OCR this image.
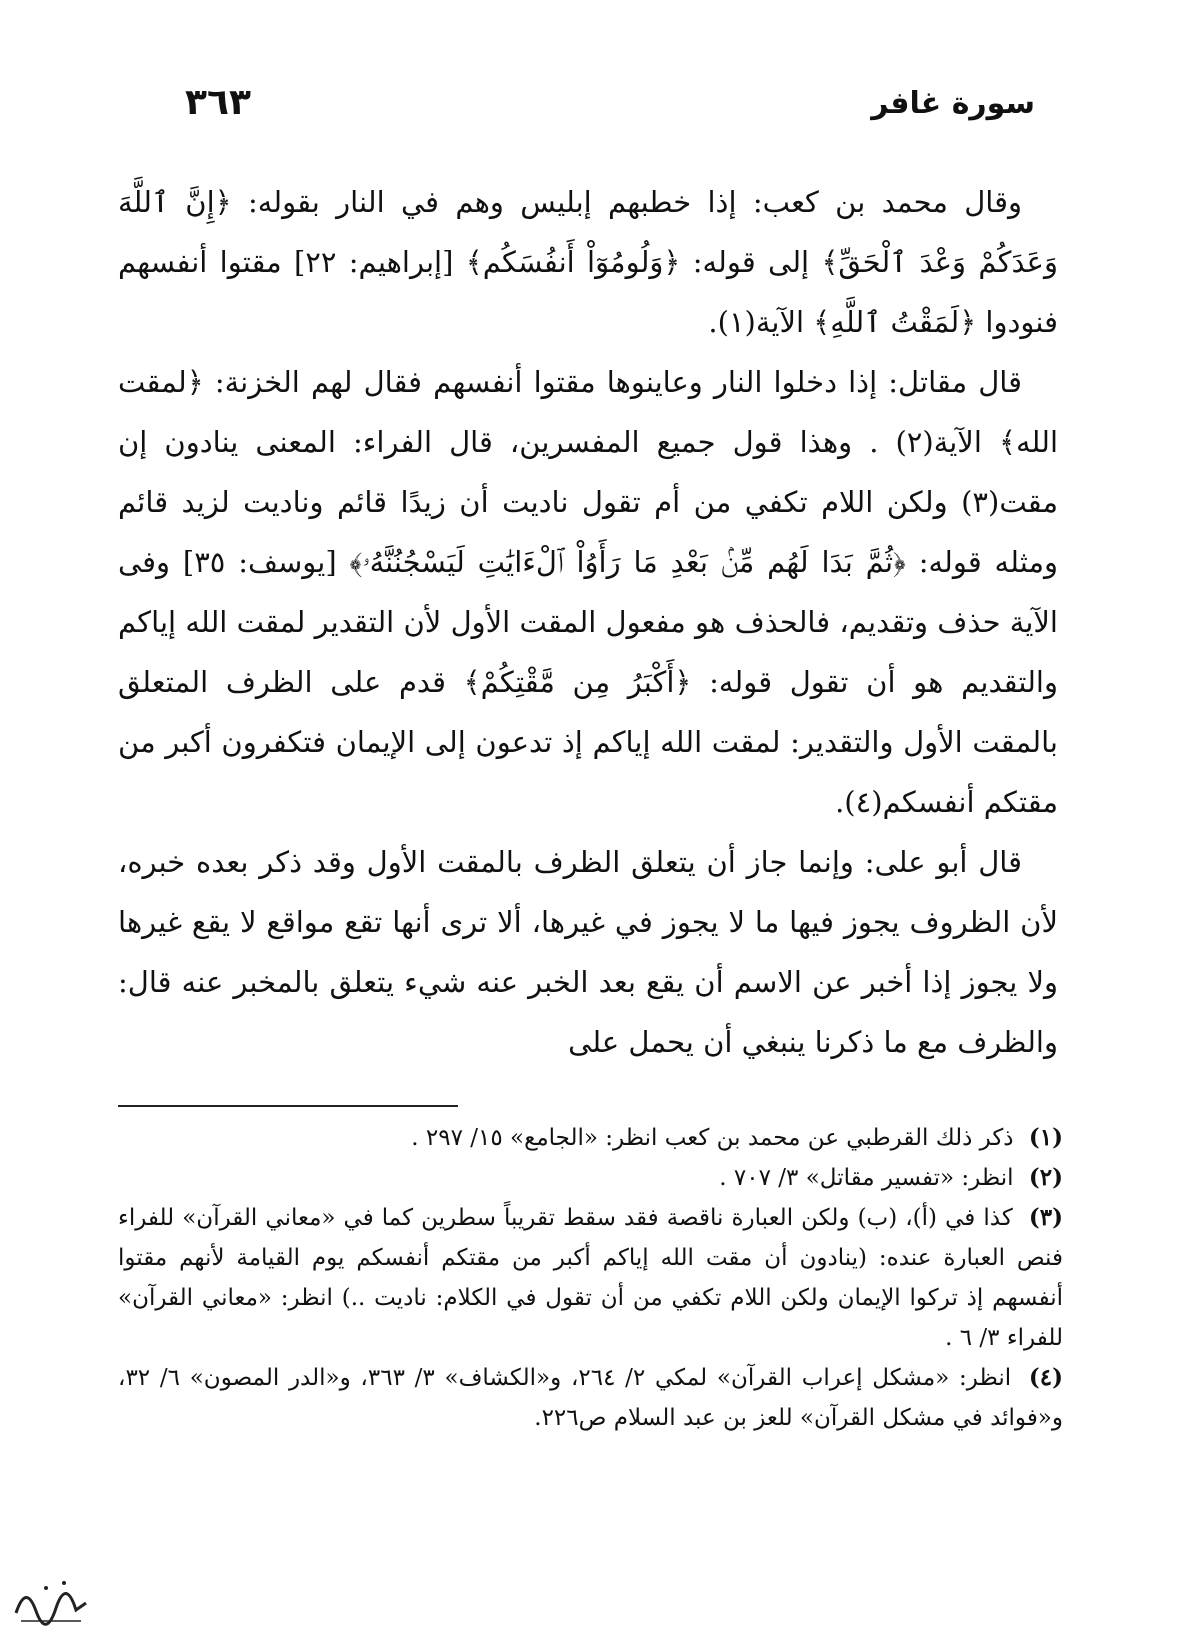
٣٦٣	سورة غافر

وقال محمد بن كعب: إذا خطبهم إبليس وهم في النار بقوله: ﴿إِنَّ ٱللَّهَ وَعَدَكُمْ وَعْدَ ٱلْحَقِّ﴾ إلى قوله: ﴿وَلُومُوٓاْ أَنفُسَكُم﴾ [إبراهيم: ٢٢] مقتوا أنفسهم فنودوا ﴿لَمَقْتُ ٱللَّهِ﴾ الآية(١).

قال مقاتل: إذا دخلوا النار وعاينوها مقتوا أنفسهم فقال لهم الخزنة: ﴿لمقت الله﴾ الآية(٢) . وهذا قول جميع المفسرين، قال الفراء: المعنى ينادون إن مقت(٣) ولكن اللام تكفي من أم تقول ناديت أن زيدًا قائم وناديت لزيد قائم ومثله قوله: ﴿ثُمَّ بَدَا لَهُم مِّنۢ بَعْدِ مَا رَأَوُاْ ٱلْءَايَٰتِ لَيَسْجُنُنَّهُۥ﴾ [يوسف: ٣٥] وفى الآية حذف وتقديم، فالحذف هو مفعول المقت الأول لأن التقدير لمقت الله إياكم والتقديم هو أن تقول قوله: ﴿أَكْبَرُ مِن مَّقْتِكُمْ﴾ قدم على الظرف المتعلق بالمقت الأول والتقدير: لمقت الله إياكم إذ تدعون إلى الإيمان فتكفرون أكبر من مقتكم أنفسكم(٤).

قال أبو على: وإنما جاز أن يتعلق الظرف بالمقت الأول وقد ذكر بعده خبره، لأن الظروف يجوز فيها ما لا يجوز في غيرها، ألا ترى أنها تقع مواقع لا يقع غيرها ولا يجوز إذا أخبر عن الاسم أن يقع بعد الخبر عنه شيء يتعلق بالمخبر عنه قال: والظرف مع ما ذكرنا ينبغي أن يحمل على

(١) ذكر ذلك القرطبي عن محمد بن كعب انظر: «الجامع» ١٥/ ٢٩٧ .

(٢) انظر: «تفسير مقاتل» ٣/ ٧٠٧ .

(٣) كذا في (أ)، (ب) ولكن العبارة ناقصة فقد سقط تقريباً سطرين كما في «معاني القرآن» للفراء فنص العبارة عنده: (ينادون أن مقت الله إياكم أكبر من مقتكم أنفسكم يوم القيامة لأنهم مقتوا أنفسهم إذ تركوا الإيمان ولكن اللام تكفي من أن تقول في الكلام: ناديت ..) انظر: «معاني القرآن» للفراء ٣/ ٦ .

(٤) انظر: «مشكل إعراب القرآن» لمكي ٢/ ٢٦٤، و«الكشاف» ٣/ ٣٦٣، و«الدر المصون» ٦/ ٣٢، و«فوائد في مشكل القرآن» للعز بن عبد السلام ص٢٢٦.
